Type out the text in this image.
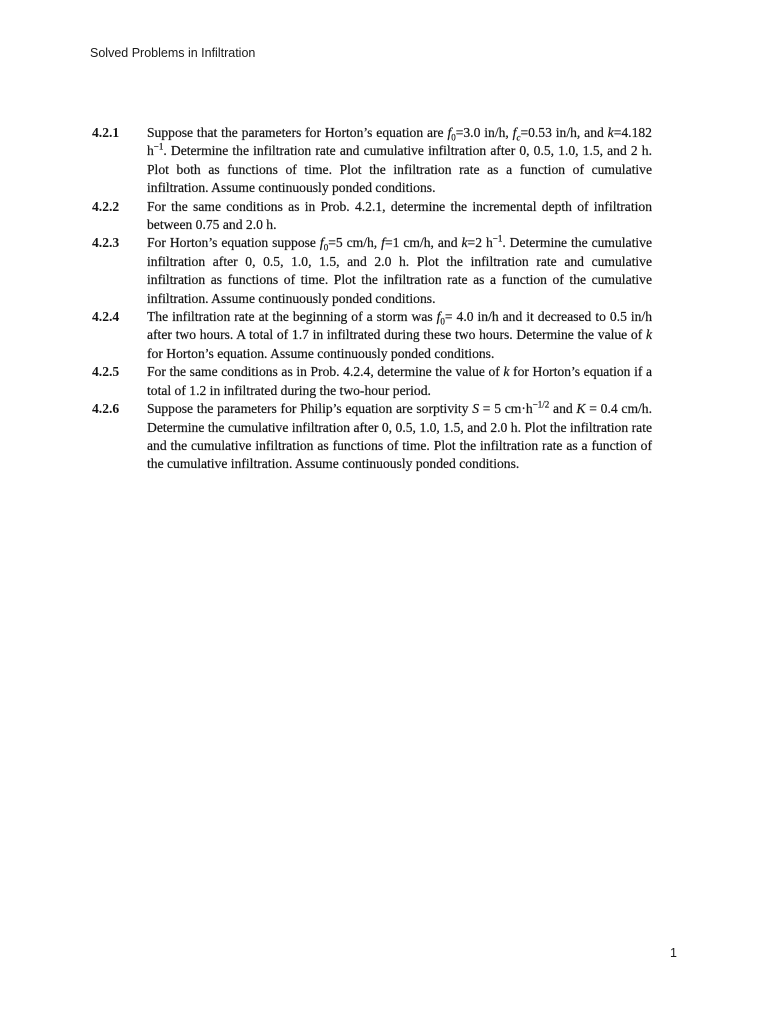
Solved Problems in Infiltration
4.2.1	Suppose that the parameters for Horton’s equation are $f_0=3.0$ in/h, $f_c=0.53$ in/h, and k=4.182 $h^{-1}$. Determine the infiltration rate and cumulative infiltration after 0, 0.5, 1.0, 1.5, and 2 h. Plot both as functions of time. Plot the infiltration rate as a function of cumulative infiltration. Assume continuously ponded conditions.
4.2.2	For the same conditions as in Prob. 4.2.1, determine the incremental depth of infiltration between 0.75 and 2.0 h.
4.2.3	For Horton’s equation suppose $f_0=5$ cm/h, f=1 cm/h, and k=2 $h^{-1}$. Determine the cumulative infiltration after 0, 0.5, 1.0, 1.5, and 2.0 h. Plot the infiltration rate and cumulative infiltration as functions of time. Plot the infiltration rate as a function of the cumulative infiltration. Assume continuously ponded conditions.
4.2.4	The infiltration rate at the beginning of a storm was $f_0= 4.0$ in/h and it decreased to 0.5 in/h after two hours. A total of 1.7 in infiltrated during these two hours. Determine the value of k for Horton’s equation. Assume continuously ponded conditions.
4.2.5	For the same conditions as in Prob. 4.2.4, determine the value of k for Horton’s equation if a total of 1.2 in infiltrated during the two-hour period.
4.2.6	Suppose the parameters for Philip’s equation are sorptivity S = 5 $cm\cdot h^{-1/2}$ and K = 0.4 cm/h. Determine the cumulative infiltration after 0, 0.5, 1.0, 1.5, and 2.0 h. Plot the infiltration rate and the cumulative infiltration as functions of time. Plot the infiltration rate as a function of the cumulative infiltration. Assume continuously ponded conditions.
1
